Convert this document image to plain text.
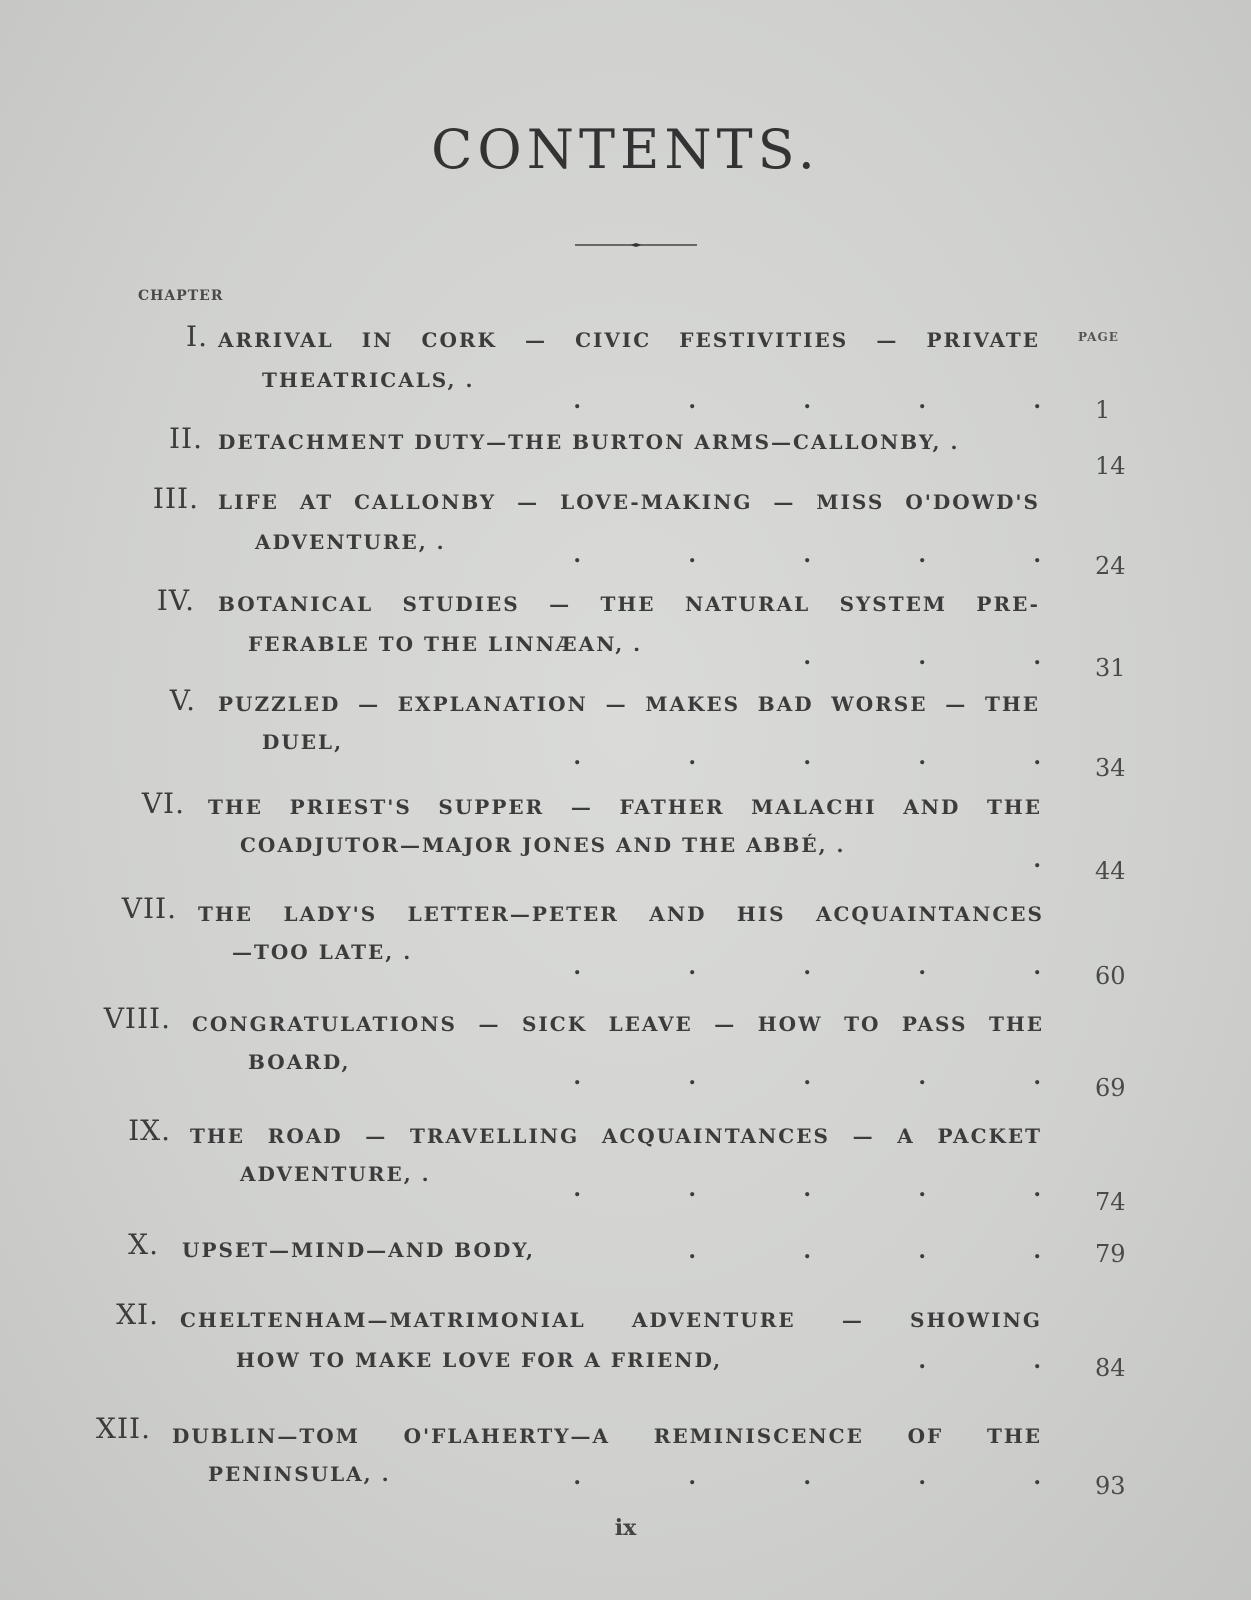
CONTENTS.
CHAPTER
PAGE
I. ARRIVAL IN CORK — CIVIC FESTIVITIES — PRIVATE
THEATRICALS, .
.	.	.	.	. 1
II. DETACHMENT DUTY—THE BURTON ARMS—CALLONBY, .
14
III. LIFE AT CALLONBY — LOVE-MAKING — MISS O'DOWD'S
ADVENTURE, .	.	.	.	.	. 24
IV. BOTANICAL STUDIES — THE NATURAL SYSTEM PRE-
FERABLE TO THE LINNÆAN, .	.	.	. 31
V. PUZZLED — EXPLANATION — MAKES BAD WORSE — THE
DUEL,
.	.	.	.	. 34
VI. THE PRIEST'S SUPPER — FATHER MALACHI AND THE
COADJUTOR—MAJOR JONES AND THE ABBÉ, .
. 44
VII. THE LADY'S LETTER—PETER AND HIS ACQUAINTANCES
—TOO LATE, .
.	.	.	.	. 60
VIII. CONGRATULATIONS — SICK LEAVE — HOW TO PASS THE
BOARD,
.	.	.	.	. 69
IX. THE ROAD — TRAVELLING ACQUAINTANCES — A PACKET
ADVENTURE, .
.	.	.	.	. 74
X. UPSET—MIND—AND BODY,	.	.	.	. 79
XI. CHELTENHAM—MATRIMONIAL ADVENTURE — SHOWING
HOW TO MAKE LOVE FOR A FRIEND,	.	. 84
XII. DUBLIN—TOM O'FLAHERTY—A REMINISCENCE OF THE
PENINSULA, .	.	.	.	.	. 93
ix
